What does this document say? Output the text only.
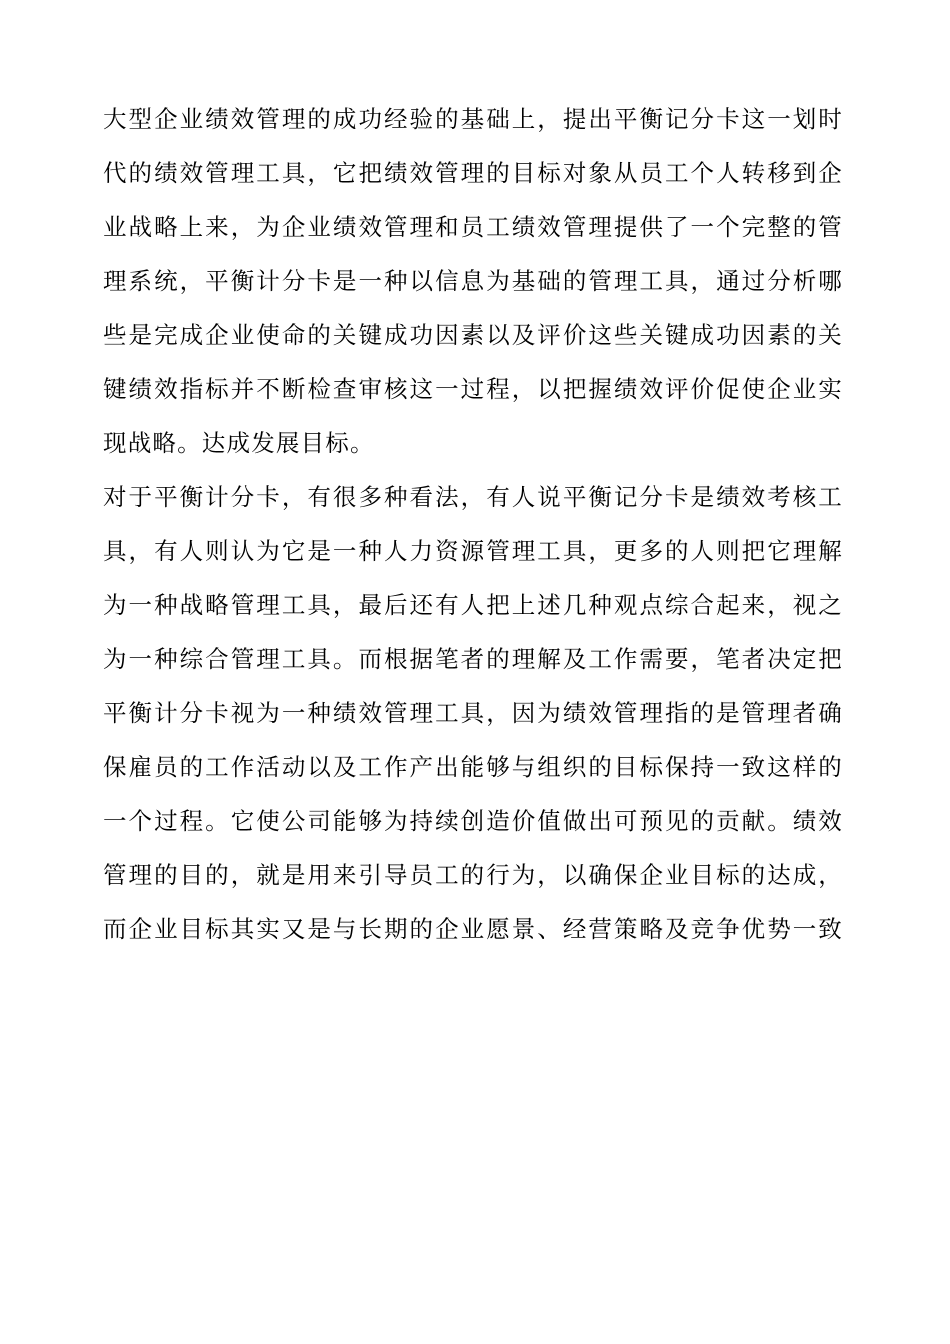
大型企业绩效管理的成功经验的基础上，提出平衡记分卡这一划时
代的绩效管理工具，它把绩效管理的目标对象从员工个人转移到企
业战略上来，为企业绩效管理和员工绩效管理提供了一个完整的管
理系统，平衡计分卡是一种以信息为基础的管理工具，通过分析哪
些是完成企业使命的关键成功因素以及评价这些关键成功因素的关
键绩效指标并不断检查审核这一过程，以把握绩效评价促使企业实
现战略。达成发展目标。
对于平衡计分卡，有很多种看法，有人说平衡记分卡是绩效考核工
具，有人则认为它是一种人力资源管理工具，更多的人则把它理解
为一种战略管理工具，最后还有人把上述几种观点综合起来，视之
为一种综合管理工具。而根据笔者的理解及工作需要，笔者决定把
平衡计分卡视为一种绩效管理工具，因为绩效管理指的是管理者确
保雇员的工作活动以及工作产出能够与组织的目标保持一致这样的
一个过程。它使公司能够为持续创造价值做出可预见的贡献。绩效
管理的目的，就是用来引导员工的行为，以确保企业目标的达成，
而企业目标其实又是与长期的企业愿景、经营策略及竞争优势一致
